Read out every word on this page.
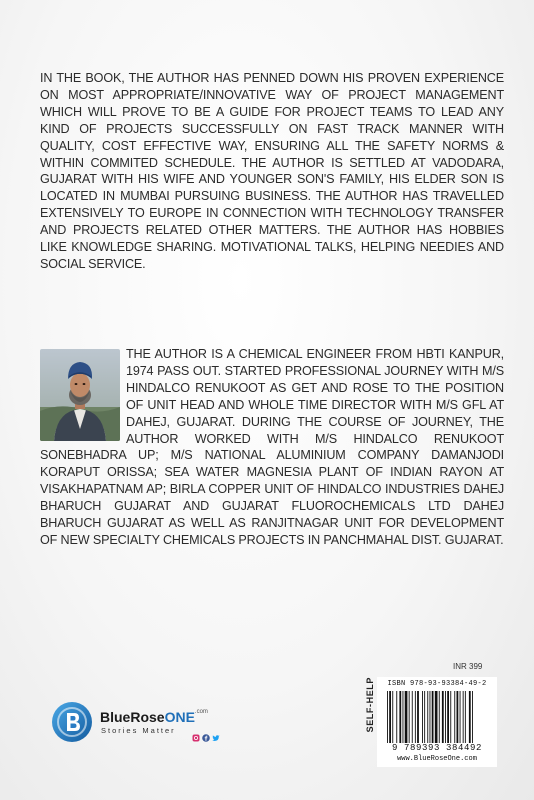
IN THE BOOK, THE AUTHOR HAS PENNED DOWN HIS PROVEN EXPERIENCE ON MOST APPROPRIATE/INNOVATIVE WAY OF PROJECT MANAGEMENT WHICH WILL PROVE TO BE A GUIDE FOR PROJECT TEAMS TO LEAD ANY KIND OF PROJECTS SUCCESSFULLY ON FAST TRACK MANNER WITH QUALITY, COST EFFECTIVE WAY, ENSURING ALL THE SAFETY NORMS & WITHIN COMMITED SCHEDULE. THE AUTHOR IS SETTLED AT VADODARA, GUJARAT WITH HIS WIFE AND YOUNGER SON'S FAMILY, HIS ELDER SON IS LOCATED IN MUMBAI PURSUING BUSINESS. THE AUTHOR HAS TRAVELLED EXTENSIVELY TO EUROPE IN CONNECTION WITH TECHNOLOGY TRANSFER AND PROJECTS RELATED OTHER MATTERS. THE AUTHOR HAS HOBBIES LIKE KNOWLEDGE SHARING. MOTIVATIONAL TALKS, HELPING NEEDIES AND SOCIAL SERVICE.

THE AUTHOR IS A CHEMICAL ENGINEER FROM HBTI KANPUR, 1974 PASS OUT. STARTED PROFESSIONAL JOURNEY WITH M/S HINDALCO RENUKOOT AS GET AND ROSE TO THE POSITION OF UNIT HEAD AND WHOLE TIME DIRECTOR WITH M/S GFL AT DAHEJ, GUJARAT. DURING THE COURSE OF JOURNEY, THE AUTHOR WORKED WITH M/S HINDALCO RENUKOOT SONEBHADRA UP; M/S NATIONAL ALUMINIUM COMPANY DAMANJODI KORAPUT ORISSA; SEA WATER MAGNESIA PLANT OF INDIAN RAYON AT VISAKHAPATNAM AP; BIRLA COPPER UNIT OF HINDALCO INDUSTRIES DAHEJ BHARUCH GUJARAT AND GUJARAT FLUOROCHEMICALS LTD DAHEJ BHARUCH GUJARAT AS WELL AS RANJITNAGAR UNIT FOR DEVELOPMENT OF NEW SPECIALTY CHEMICALS PROJECTS IN PANCHMAHAL DIST. GUJARAT.
BlueRoseONE$^{.com}$
Stories Matter
INR 399
SELF-HELP	ISBN 978-93-93384-49-2
9 789393 384492
www.BlueRoseOne.com
